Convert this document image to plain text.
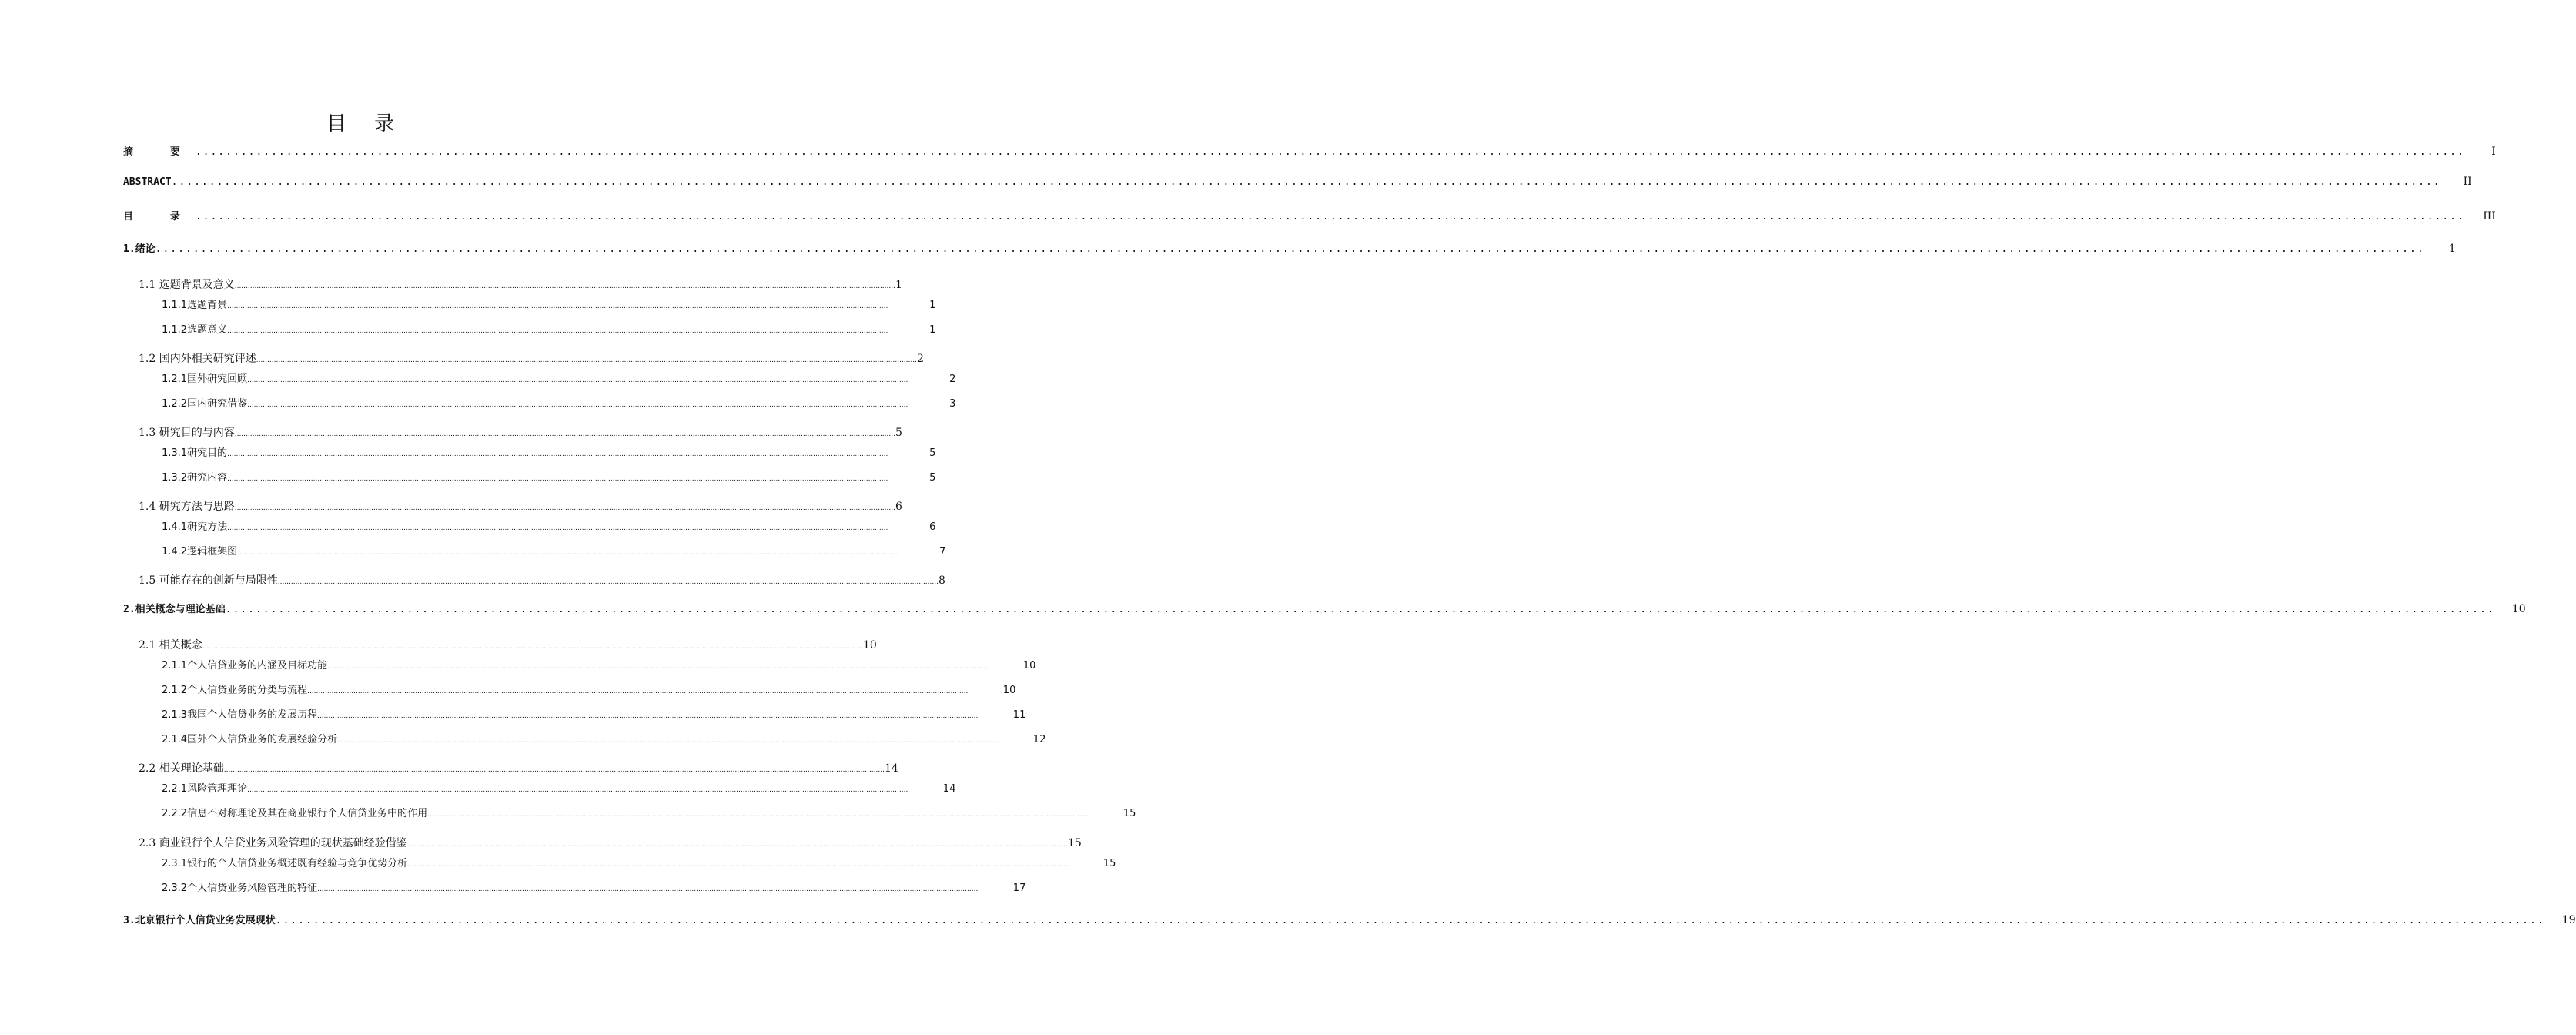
目 录
摘 要 ............................................................................................................................................................................................................................................................................................................	I
ABSTRACT ............................................................................................................................................................................................................................................................................................................	II
目 录 ............................................................................................................................................................................................................................................................................................................	III
1.绪论 ............................................................................................................................................................................................................................................................................................................	1
1.1 选题背景及意义 ............................................................................................................................................................................................................................................................................................................ 1
1.1.1 选题背景 ............................................................................................................................................................................................................................................................................................................	1
1.1.2 选题意义 ............................................................................................................................................................................................................................................................................................................	1
1.2 国内外相关研究评述 ............................................................................................................................................................................................................................................................................................................ 2
1.2.1 国外研究回顾 ............................................................................................................................................................................................................................................................................................................	2
1.2.2 国内研究借鉴 ............................................................................................................................................................................................................................................................................................................	3
1.3 研究目的与内容 ............................................................................................................................................................................................................................................................................................................ 5
1.3.1 研究目的 ............................................................................................................................................................................................................................................................................................................	5
1.3.2 研究内容 ............................................................................................................................................................................................................................................................................................................	5
1.4 研究方法与思路 ............................................................................................................................................................................................................................................................................................................ 6
1.4.1 研究方法 ............................................................................................................................................................................................................................................................................................................	6
1.4.2 逻辑框架图 ............................................................................................................................................................................................................................................................................................................	7
1.5 可能存在的创新与局限性 ............................................................................................................................................................................................................................................................................................................ 8
2.相关概念与理论基础 ............................................................................................................................................................................................................................................................................................................	10
2.1 相关概念 ............................................................................................................................................................................................................................................................................................................ 10
2.1.1个人信贷业务的内涵及目标功能 ............................................................................................................................................................................................................................................................................................................	10
2.1.2个人信贷业务的分类与流程 ............................................................................................................................................................................................................................................................................................................	10
2.1.3我国个人信贷业务的发展历程 ............................................................................................................................................................................................................................................................................................................	11
2.1.4国外个人信贷业务的发展经验分析 ............................................................................................................................................................................................................................................................................................................	12
2.2 相关理论基础 ............................................................................................................................................................................................................................................................................................................ 14
2.2.1风险管理理论 ............................................................................................................................................................................................................................................................................................................	14
2.2.2信息不对称理论及其在商业银行个人信贷业务中的作用 ............................................................................................................................................................................................................................................................................................................	15
2.3 商业银行个人信贷业务风险管理的现状基础经验借鉴 ............................................................................................................................................................................................................................................................................................................ 15
2.3.1银行的个人信贷业务概述既有经验与竞争优势分析 ............................................................................................................................................................................................................................................................................................................	15
2.3.2个人信贷业务风险管理的特征 ............................................................................................................................................................................................................................................................................................................	17
3.北京银行个人信贷业务发展现状 ............................................................................................................................................................................................................................................................................................................	19
